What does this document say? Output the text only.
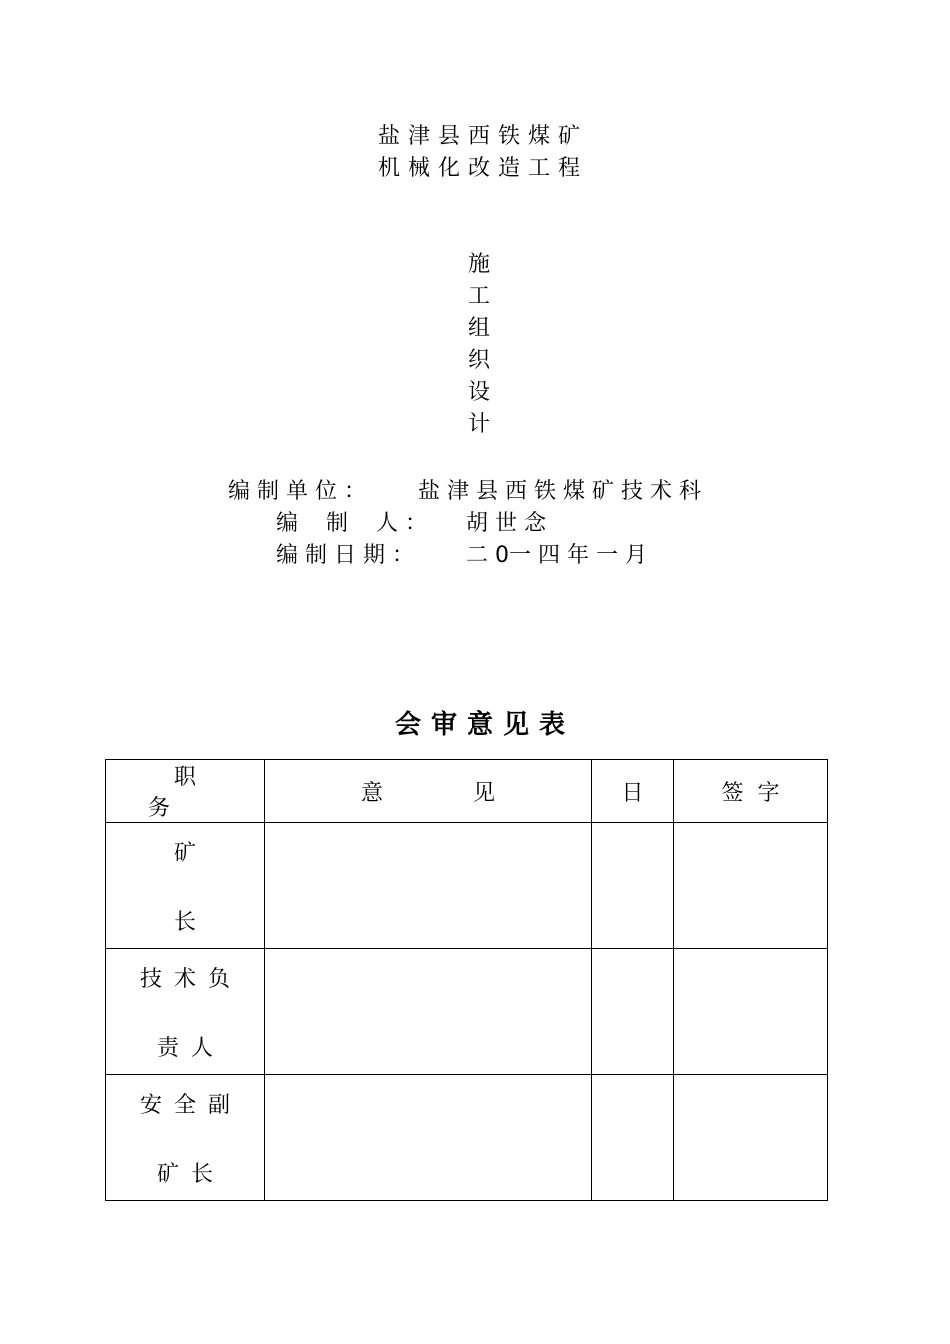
盐津县西铁煤矿
机械化改造工程
施
工
组
织
设
计
编 制 单 位 ： 盐 津 县 西 铁 煤 矿 技 术 科
编    制    人 ： 胡 世 念
编 制 日 期 ： 二 0一 四 年 一 月
会审意见表
职务	意见	日	签字

矿
长			

技术负
责人			

安全副
矿长			
